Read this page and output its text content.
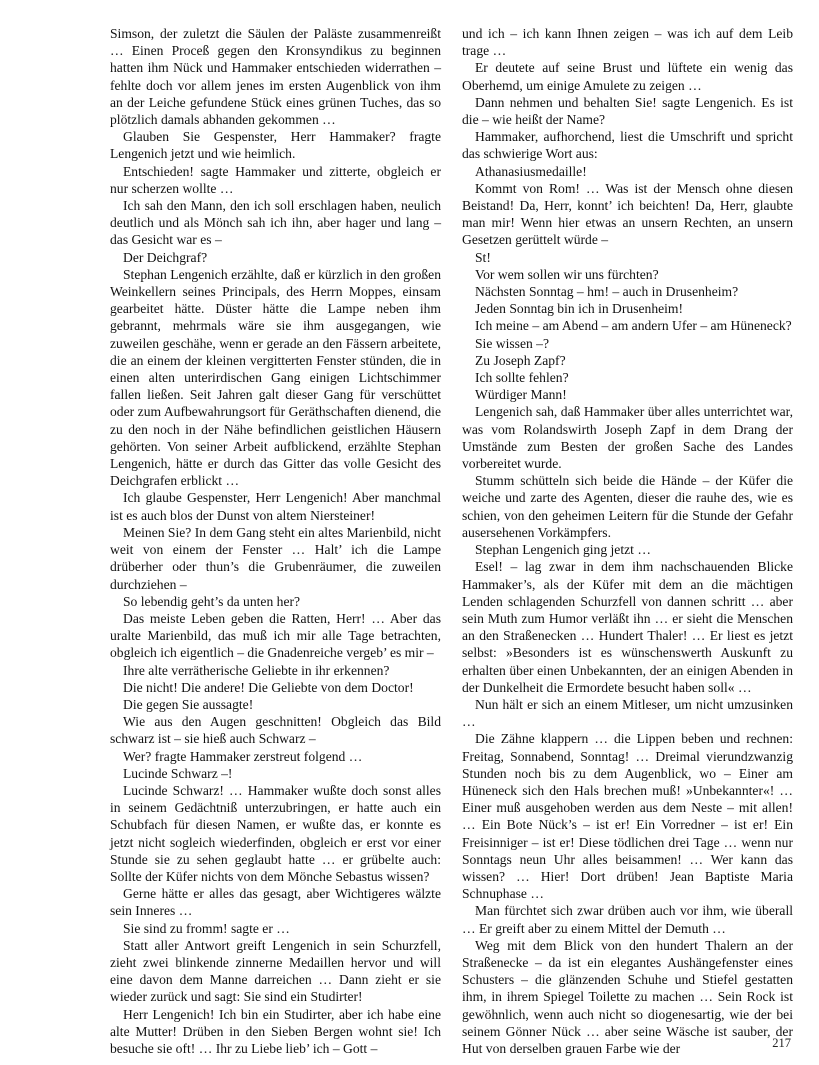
Simson, der zuletzt die Säulen der Paläste zusammenreißt … Einen Proceß gegen den Kronsyndikus zu beginnen hatten ihm Nück und Hammaker entschieden widerrathen – fehlte doch vor allem jenes im ersten Augenblick von ihm an der Leiche gefundene Stück eines grünen Tuches, das so plötzlich damals abhanden gekommen …

Glauben Sie Gespenster, Herr Hammaker? fragte Lengenich jetzt und wie heimlich.

Entschieden! sagte Hammaker und zitterte, obgleich er nur scherzen wollte …

Ich sah den Mann, den ich soll erschlagen haben, neulich deutlich und als Mönch sah ich ihn, aber hager und lang – das Gesicht war es –

Der Deichgraf?

Stephan Lengenich erzählte, daß er kürzlich in den großen Weinkellern seines Principals, des Herrn Moppes, einsam gearbeitet hätte. Düster hätte die Lampe neben ihm gebrannt, mehrmals wäre sie ihm ausgegangen, wie zuweilen geschähe, wenn er gerade an den Fässern arbeitete, die an einem der kleinen vergitterten Fenster stünden, die in einen alten unterirdischen Gang einigen Lichtschimmer fallen ließen. Seit Jahren galt dieser Gang für verschüttet oder zum Aufbewahrungsort für Geräthschaften dienend, die zu den noch in der Nähe befindlichen geistlichen Häusern gehörten. Von seiner Arbeit aufblickend, erzählte Stephan Lengenich, hätte er durch das Gitter das volle Gesicht des Deichgrafen erblickt …

Ich glaube Gespenster, Herr Lengenich! Aber manchmal ist es auch blos der Dunst von altem Niersteiner!

Meinen Sie? In dem Gang steht ein altes Marienbild, nicht weit von einem der Fenster … Halt’ ich die Lampe drüberher oder thun’s die Grubenräumer, die zuweilen durchziehen –

So lebendig geht’s da unten her?

Das meiste Leben geben die Ratten, Herr! … Aber das uralte Marienbild, das muß ich mir alle Tage betrachten, obgleich ich eigentlich – die Gnadenreiche vergeb’ es mir –

Ihre alte verrätherische Geliebte in ihr erkennen?

Die nicht! Die andere! Die Geliebte von dem Doctor!

Die gegen Sie aussagte!

Wie aus den Augen geschnitten! Obgleich das Bild schwarz ist – sie hieß auch Schwarz –

Wer? fragte Hammaker zerstreut folgend …

Lucinde Schwarz –!

Lucinde Schwarz! … Hammaker wußte doch sonst alles in seinem Gedächtniß unterzubringen, er hatte auch ein Schubfach für diesen Namen, er wußte das, er konnte es jetzt nicht sogleich wiederfinden, obgleich er erst vor einer Stunde sie zu sehen geglaubt hatte … er grübelte auch: Sollte der Küfer nichts von dem Mönche Sebastus wissen?

Gerne hätte er alles das gesagt, aber Wichtigeres wälzte sein Inneres …

Sie sind zu fromm! sagte er …

Statt aller Antwort greift Lengenich in sein Schurzfell, zieht zwei blinkende zinnerne Medaillen hervor und will eine davon dem Manne darreichen … Dann zieht er sie wieder zurück und sagt: Sie sind ein Studirter!

Herr Lengenich! Ich bin ein Studirter, aber ich habe eine alte Mutter! Drüben in den Sieben Bergen wohnt sie! Ich besuche sie oft! … Ihr zu Liebe lieb’ ich – Gott –

und ich – ich kann Ihnen zeigen – was ich auf dem Leib trage …

Er deutete auf seine Brust und lüftete ein wenig das Oberhemd, um einige Amulete zu zeigen …

Dann nehmen und behalten Sie! sagte Lengenich. Es ist die – wie heißt der Name?

Hammaker, aufhorchend, liest die Umschrift und spricht das schwierige Wort aus:

Athanasiusmedaille!

Kommt von Rom! … Was ist der Mensch ohne diesen Beistand! Da, Herr, konnt’ ich beichten! Da, Herr, glaubte man mir! Wenn hier etwas an unsern Rechten, an unsern Gesetzen gerüttelt würde –

St!

Vor wem sollen wir uns fürchten?

Nächsten Sonntag – hm! – auch in Drusenheim?

Jeden Sonntag bin ich in Drusenheim!

Ich meine – am Abend – am andern Ufer – am Hüneneck?

Sie wissen –?

Zu Joseph Zapf?

Ich sollte fehlen?

Würdiger Mann!

Lengenich sah, daß Hammaker über alles unterrichtet war, was vom Rolandswirth Joseph Zapf in dem Drang der Umstände zum Besten der großen Sache des Landes vorbereitet wurde.

Stumm schütteln sich beide die Hände – der Küfer die weiche und zarte des Agenten, dieser die rauhe des, wie es schien, von den geheimen Leitern für die Stunde der Gefahr ausersehenen Vorkämpfers.

Stephan Lengenich ging jetzt …

Esel! – lag zwar in dem ihm nachschauenden Blicke Hammaker’s, als der Küfer mit dem an die mächtigen Lenden schlagenden Schurzfell von dannen schritt … aber sein Muth zum Humor verläßt ihn … er sieht die Menschen an den Straßenecken … Hundert Thaler! … Er liest es jetzt selbst: »Besonders ist es wünschenswerth Auskunft zu erhalten über einen Unbekannten, der an einigen Abenden in der Dunkelheit die Ermordete besucht haben soll« …

Nun hält er sich an einem Mitleser, um nicht umzusinken …

Die Zähne klappern … die Lippen beben und rechnen: Freitag, Sonnabend, Sonntag! … Dreimal vierundzwanzig Stunden noch bis zu dem Augenblick, wo – Einer am Hüneneck sich den Hals brechen muß! »Unbekannter«! … Einer muß ausgehoben werden aus dem Neste – mit allen! … Ein Bote Nück’s – ist er! Ein Vorredner – ist er! Ein Freisinniger – ist er! Diese tödlichen drei Tage … wenn nur Sonntags neun Uhr alles beisammen! … Wer kann das wissen? … Hier! Dort drüben! Jean Baptiste Maria Schnuphase …

Man fürchtet sich zwar drüben auch vor ihm, wie überall … Er greift aber zu einem Mittel der Demuth …

Weg mit dem Blick von den hundert Thalern an der Straßenecke – da ist ein elegantes Aushängefenster eines Schusters – die glänzenden Schuhe und Stiefel gestatten ihm, in ihrem Spiegel Toilette zu machen … Sein Rock ist gewöhnlich, wenn auch nicht so diogenesartig, wie der bei seinem Gönner Nück … aber seine Wäsche ist sauber, der Hut von derselben grauen Farbe wie der	217
